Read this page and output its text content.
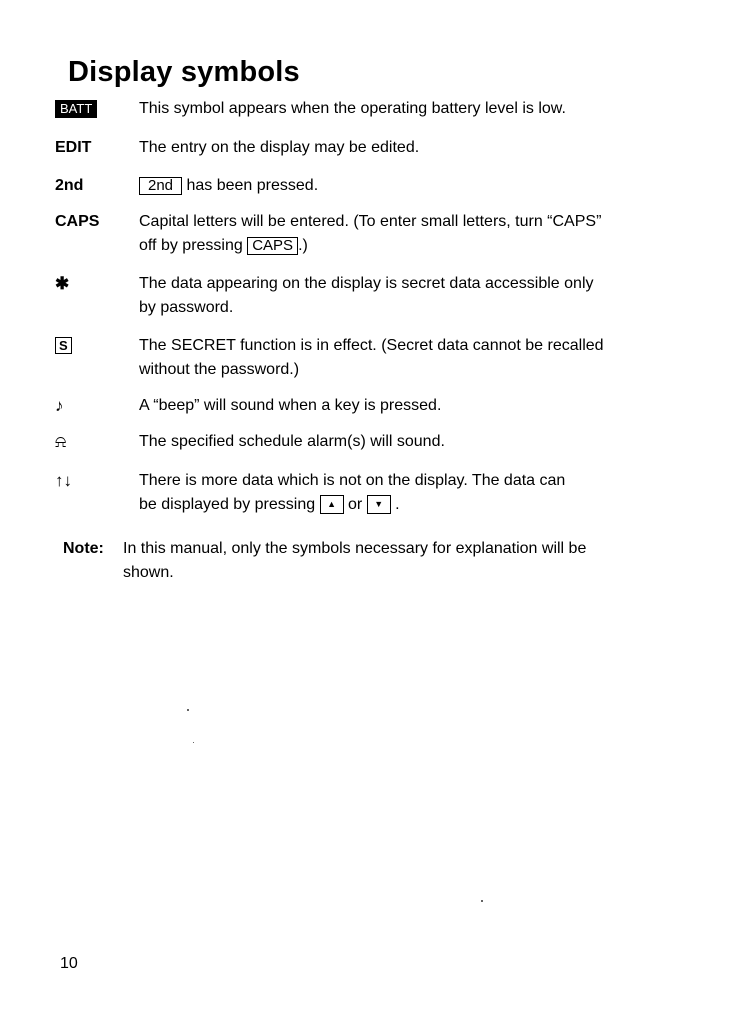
Display symbols
BATT	This symbol appears when the operating battery level is low.
EDIT	The entry on the display may be edited.
2nd	2nd has been pressed.
CAPS Capital letters will be entered. (To enter small letters, turn “CAPS”
off by pressing CAPS .)
✱	The data appearing on the display is secret data accessible only
by password.
S	The SECRET function is in effect. (Secret data cannot be recalled
without the password.)
♪	A “beep” will sound when a key is pressed.
⍾	The specified schedule alarm(s) will sound.
↑↓	There is more data which is not on the display. The data can
be displayed by pressing ▲ or ▼ .
Note: In this manual, only the symbols necessary for explanation will be
shown.
10
